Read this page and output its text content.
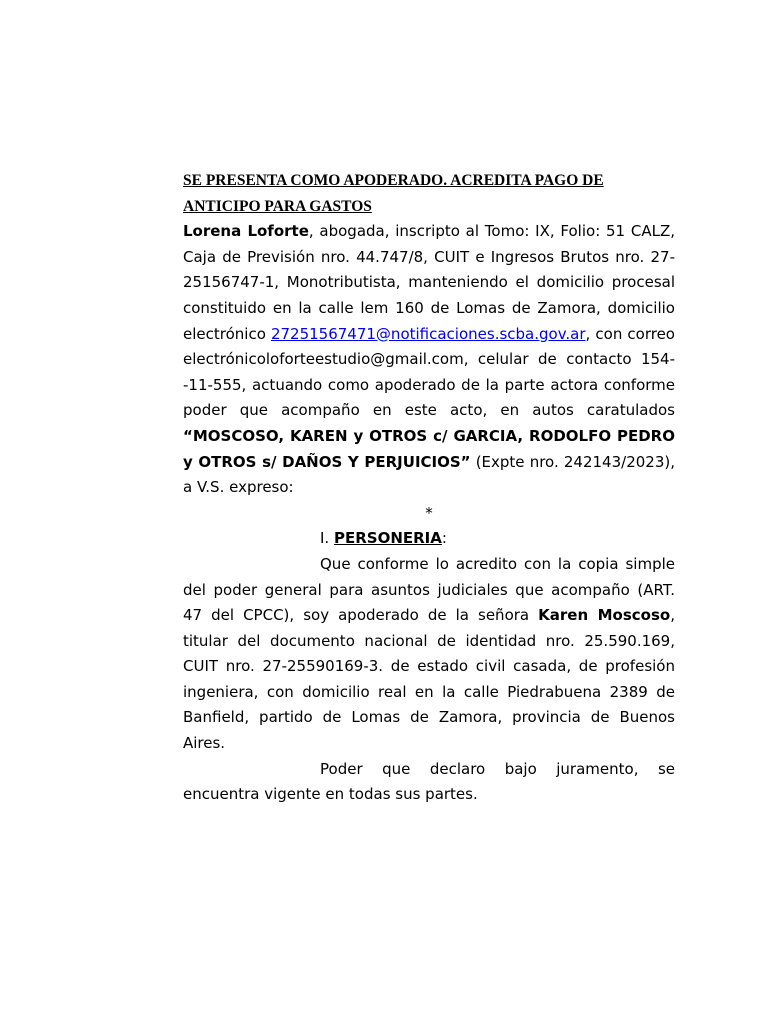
SE PRESENTA COMO APODERADO. ACREDITA PAGO DE
ANTICIPO PARA GASTOS

Lorena Loforte, abogada, inscripto al Tomo: IX, Folio: 51 CALZ, Caja de Previsión nro. 44.747/8, CUIT e Ingresos Brutos nro. 27-25156747-1, Monotributista, manteniendo el domicilio procesal constituido en la calle lem 160 de Lomas de Zamora, domicilio electrónico 27251567471@notificaciones.scba.gov.ar, con correo electrónicoloforteestudio@gmail.com, celular de contacto 154--11-555, actuando como apoderado de la parte actora conforme poder que acompaño en este acto, en autos caratulados “MOSCOSO, KAREN y OTROS c/ GARCIA, RODOLFO PEDRO y OTROS s/ DAÑOS Y PERJUICIOS” (Expte nro. 242143/2023), a V.S. expreso:

*

I. PERSONERIA:

Que conforme lo acredito con la copia simple del poder general para asuntos judiciales que acompaño (ART. 47 del CPCC), soy apoderado de la señora Karen Moscoso, titular del documento nacional de identidad nro. 25.590.169, CUIT nro. 27-25590169-3. de estado civil casada, de profesión ingeniera, con domicilio real en la calle Piedrabuena 2389 de Banfield, partido de Lomas de Zamora, provincia de Buenos Aires.

Poder que declaro bajo juramento, se encuentra vigente en todas sus partes.
